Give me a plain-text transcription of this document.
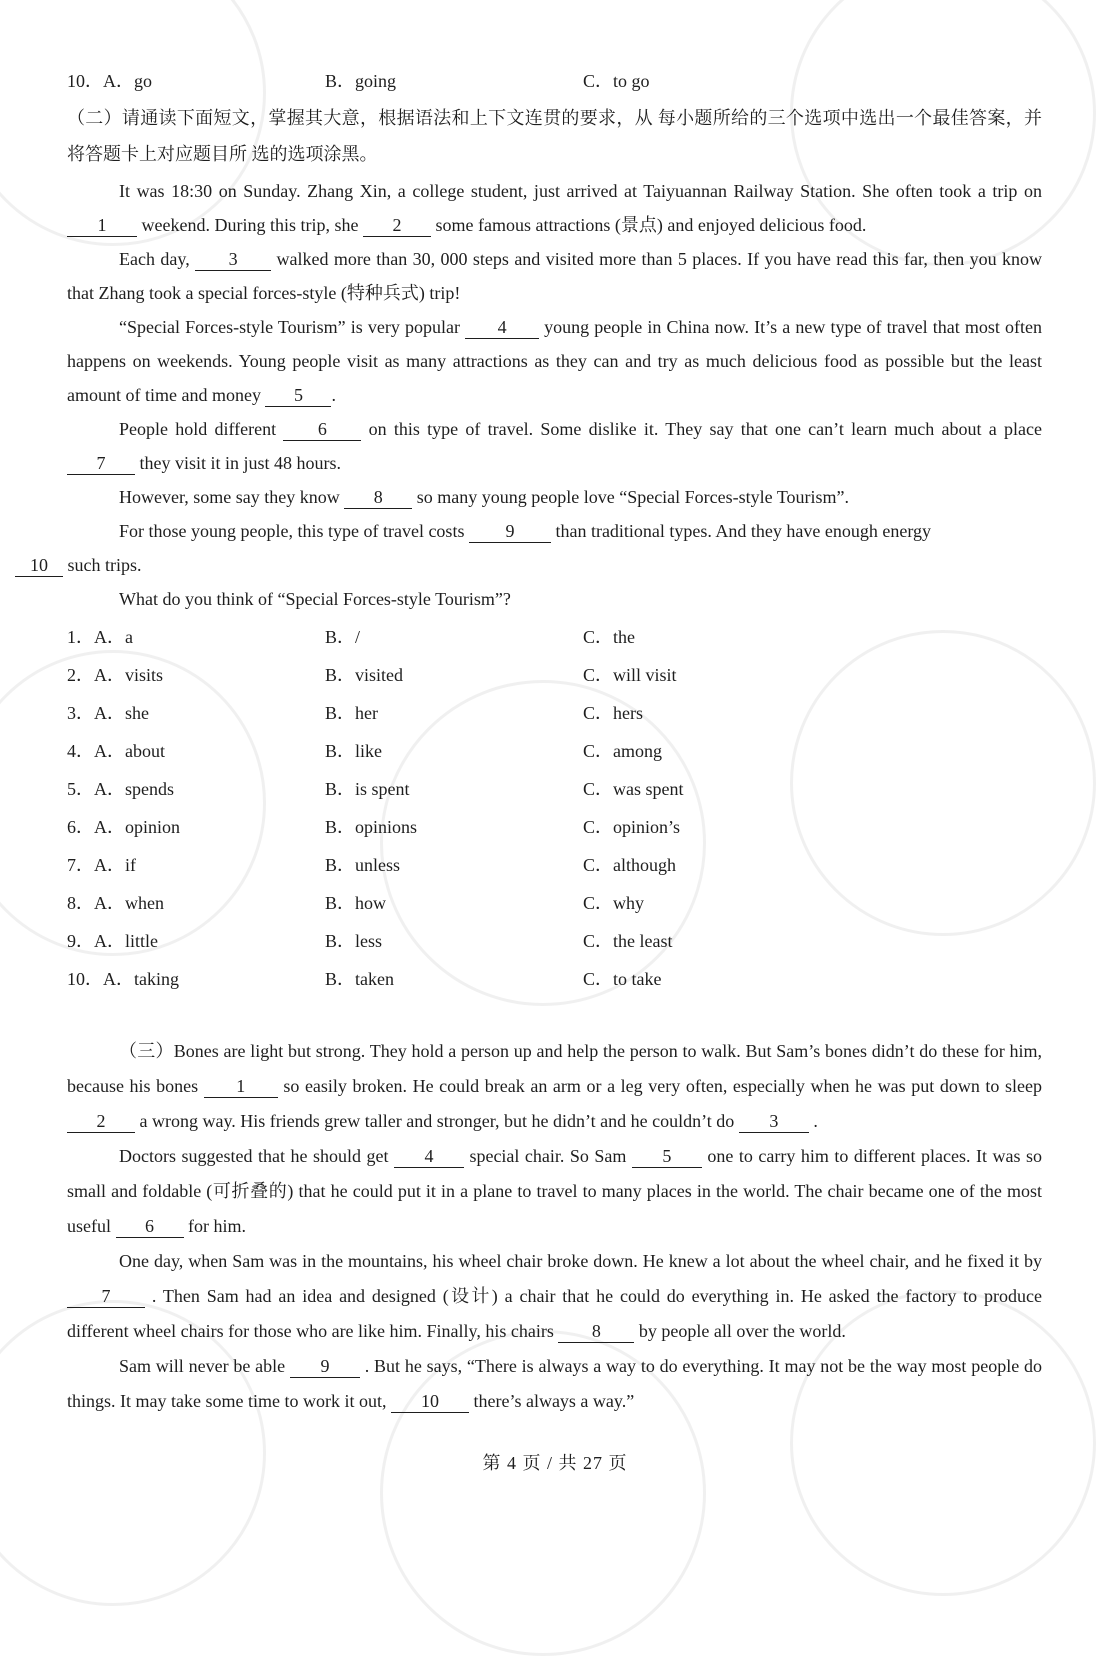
10．A．go	B．going	C．to go

（二）请通读下面短文，掌握其大意，根据语法和上下文连贯的要求，从 每小题所给的三个选项中选出一个最佳答案，并将答题卡上对应题目所 选的选项涂黑。

It was 18:30 on Sunday. Zhang Xin, a college student, just arrived at Taiyuannan Railway Station. She often took a trip on 1 weekend. During this trip, she 2 some famous attractions (景点) and enjoyed delicious food.

Each day, 3 walked more than 30, 000 steps and visited more than 5 places. If you have read this far, then you know that Zhang took a special forces-style (特种兵式) trip!

“Special Forces-style Tourism” is very popular 4 young people in China now. It’s a new type of travel that most often happens on weekends. Young people visit as many attractions as they can and try as much delicious food as possible but the least amount of time and money 5 .

People hold different 6 on this type of travel. Some dislike it. They say that one can’t learn much about a place 7 they visit it in just 48 hours.

However, some say they know 8 so many young people love “Special Forces-style Tourism”.

For those young people, this type of travel costs 9 than traditional types. And they have enough energy
10 such trips.

What do you think of “Special Forces-style Tourism”?

1．A．a	B．/	C．the
2．A．visits	B．visited	C．will visit
3．A．she	B．her	C．hers
4．A．about	B．like	C．among
5．A．spends	B．is spent	C．was spent
6．A．opinion	B．opinions	C．opinion’s
7．A．if	B．unless	C．although
8．A．when	B．how	C．why
9．A．little	B．less	C．the least
10．A．taking	B．taken	C．to take

（三）Bones are light but strong. They hold a person up and help the person to walk. But Sam’s bones didn’t do these for him, because his bones 1 so easily broken. He could break an arm or a leg very often, especially when he was put down to sleep 2 a wrong way. His friends grew taller and stronger, but he didn’t and he couldn’t do 3 .

Doctors suggested that he should get 4 special chair. So Sam 5 one to carry him to different places. It was so small and foldable (可折叠的) that he could put it in a plane to travel to many places in the world. The chair became one of the most useful 6 for him.

One day, when Sam was in the mountains, his wheel chair broke down. He knew a lot about the wheel chair, and he fixed it by 7 . Then Sam had an idea and designed (设计) a chair that he could do everything in. He asked the factory to produce different wheel chairs for those who are like him. Finally, his chairs 8 by people all over the world.

Sam will never be able 9 . But he says, “There is always a way to do everything. It may not be the way most people do things. It may take some time to work it out, 10 there’s always a way.”

第 4 页 / 共 27 页
